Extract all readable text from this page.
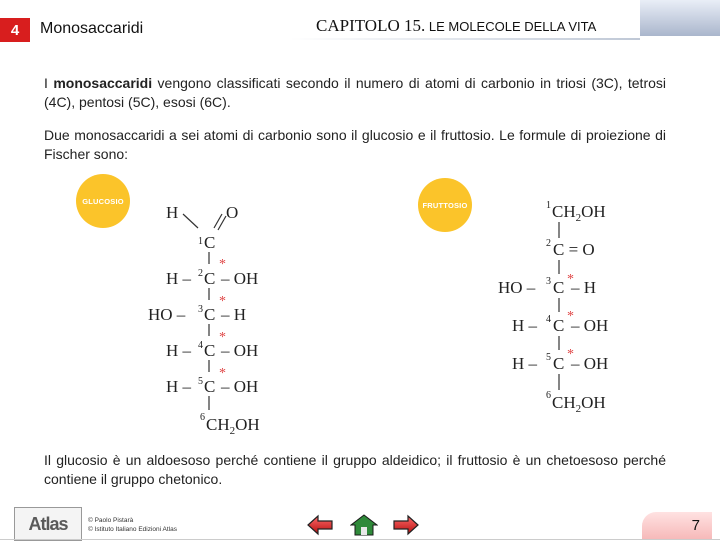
4	Monosaccaridi	CAPITOLO 15. LE MOLECOLE DELLA VITA
I monosaccaridi vengono classificati secondo il numero di atomi di carbonio in triosi (3C), tetrosi (4C), pentosi (5C), esosi (6C).
Due monosaccaridi a sei atomi di carbonio sono il glucosio e il fruttosio. Le formule di proiezione di Fischer sono:
GLUCOSIO	FRUTTOSIO
H	O
1 C
*
H – 2 C – OH
*
HO – 3 C – H
*
H – 4 C – OH
*
H – 5 C – OH
6 $CH_2OH$
1 $CH_2OH$
2 C = O
*
HO – 3 C – H
*
H – 4 C – OH
*
H – 5 C – OH
6 $CH_2OH$
Il glucosio è un aldoesoso perché contiene il gruppo aldeidico; il fruttosio è un chetoesoso perché contiene il gruppo chetonico.
Atlas	© Paolo Pistarà
© Istituto Italiano Edizioni Atlas	7
